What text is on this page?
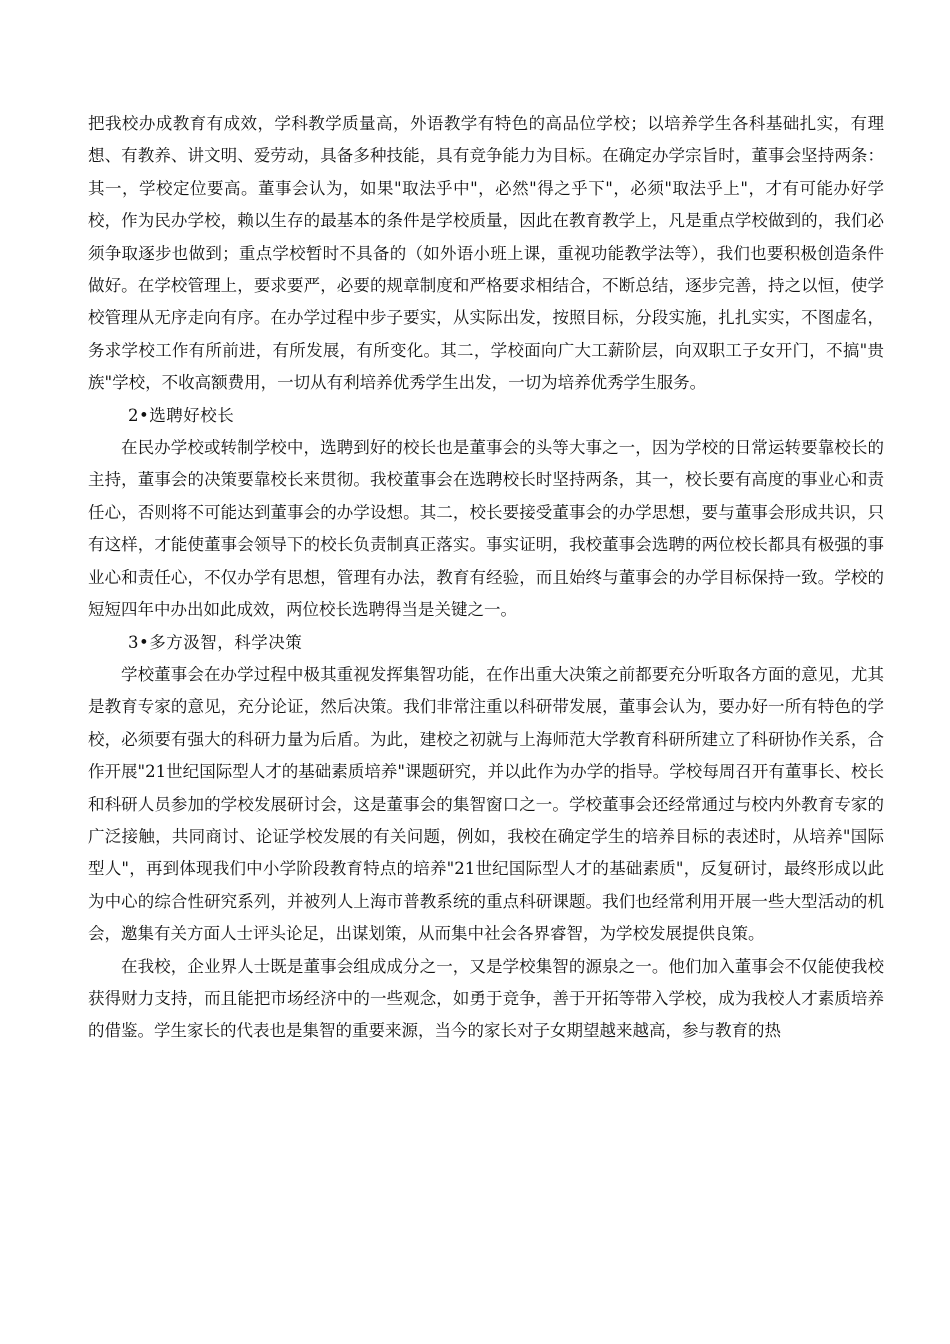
把我校办成教育有成效，学科教学质量高，外语教学有特色的高品位学校；以培养学生各科基础扎实，有理想、有教养、讲文明、爱劳动，具备多种技能，具有竞争能力为目标。在确定办学宗旨时，董事会坚持两条：其一，学校定位要高。董事会认为，如果"取法乎中"，必然"得之乎下"，必须"取法乎上"，才有可能办好学校，作为民办学校，赖以生存的最基本的条件是学校质量，因此在教育教学上，凡是重点学校做到的，我们必须争取逐步也做到；重点学校暂时不具备的（如外语小班上课，重视功能教学法等），我们也要积极创造条件做好。在学校管理上，要求要严，必要的规章制度和严格要求相结合，不断总结，逐步完善，持之以恒，使学校管理从无序走向有序。在办学过程中步子要实，从实际出发，按照目标，分段实施，扎扎实实，不图虚名，务求学校工作有所前进，有所发展，有所变化。其二，学校面向广大工薪阶层，向双职工子女开门，不搞"贵族"学校，不收高额费用，一切从有利培养优秀学生出发，一切为培养优秀学生服务。

2•选聘好校长

在民办学校或转制学校中，选聘到好的校长也是董事会的头等大事之一，因为学校的日常运转要靠校长的主持，董事会的决策要靠校长来贯彻。我校董事会在选聘校长时坚持两条，其一，校长要有高度的事业心和责任心，否则将不可能达到董事会的办学设想。其二，校长要接受董事会的办学思想，要与董事会形成共识，只有这样，才能使董事会领导下的校长负责制真正落实。事实证明，我校董事会选聘的两位校长都具有极强的事业心和责任心，不仅办学有思想，管理有办法，教育有经验，而且始终与董事会的办学目标保持一致。学校的短短四年中办出如此成效，两位校长选聘得当是关键之一。

3•多方汲智，科学决策

学校董事会在办学过程中极其重视发挥集智功能，在作出重大决策之前都要充分听取各方面的意见，尤其是教育专家的意见，充分论证，然后决策。我们非常注重以科研带发展，董事会认为，要办好一所有特色的学校，必须要有强大的科研力量为后盾。为此，建校之初就与上海师范大学教育科研所建立了科研协作关系，合作开展"21世纪国际型人才的基础素质培养"课题研究，并以此作为办学的指导。学校每周召开有董事长、校长和科研人员参加的学校发展研讨会，这是董事会的集智窗口之一。学校董事会还经常通过与校内外教育专家的广泛接触，共同商讨、论证学校发展的有关问题，例如，我校在确定学生的培养目标的表述时，从培养"国际型人"，再到体现我们中小学阶段教育特点的培养"21世纪国际型人才的基础素质"，反复研讨，最终形成以此为中心的综合性研究系列，并被列人上海市普教系统的重点科研课题。我们也经常利用开展一些大型活动的机会，邀集有关方面人士评头论足，出谋划策，从而集中社会各界睿智，为学校发展提供良策。

在我校，企业界人士既是董事会组成成分之一，又是学校集智的源泉之一。他们加入董事会不仅能使我校获得财力支持，而且能把市场经济中的一些观念，如勇于竞争，善于开拓等带入学校，成为我校人才素质培养的借鉴。学生家长的代表也是集智的重要来源，当今的家长对子女期望越来越高，参与教育的热
